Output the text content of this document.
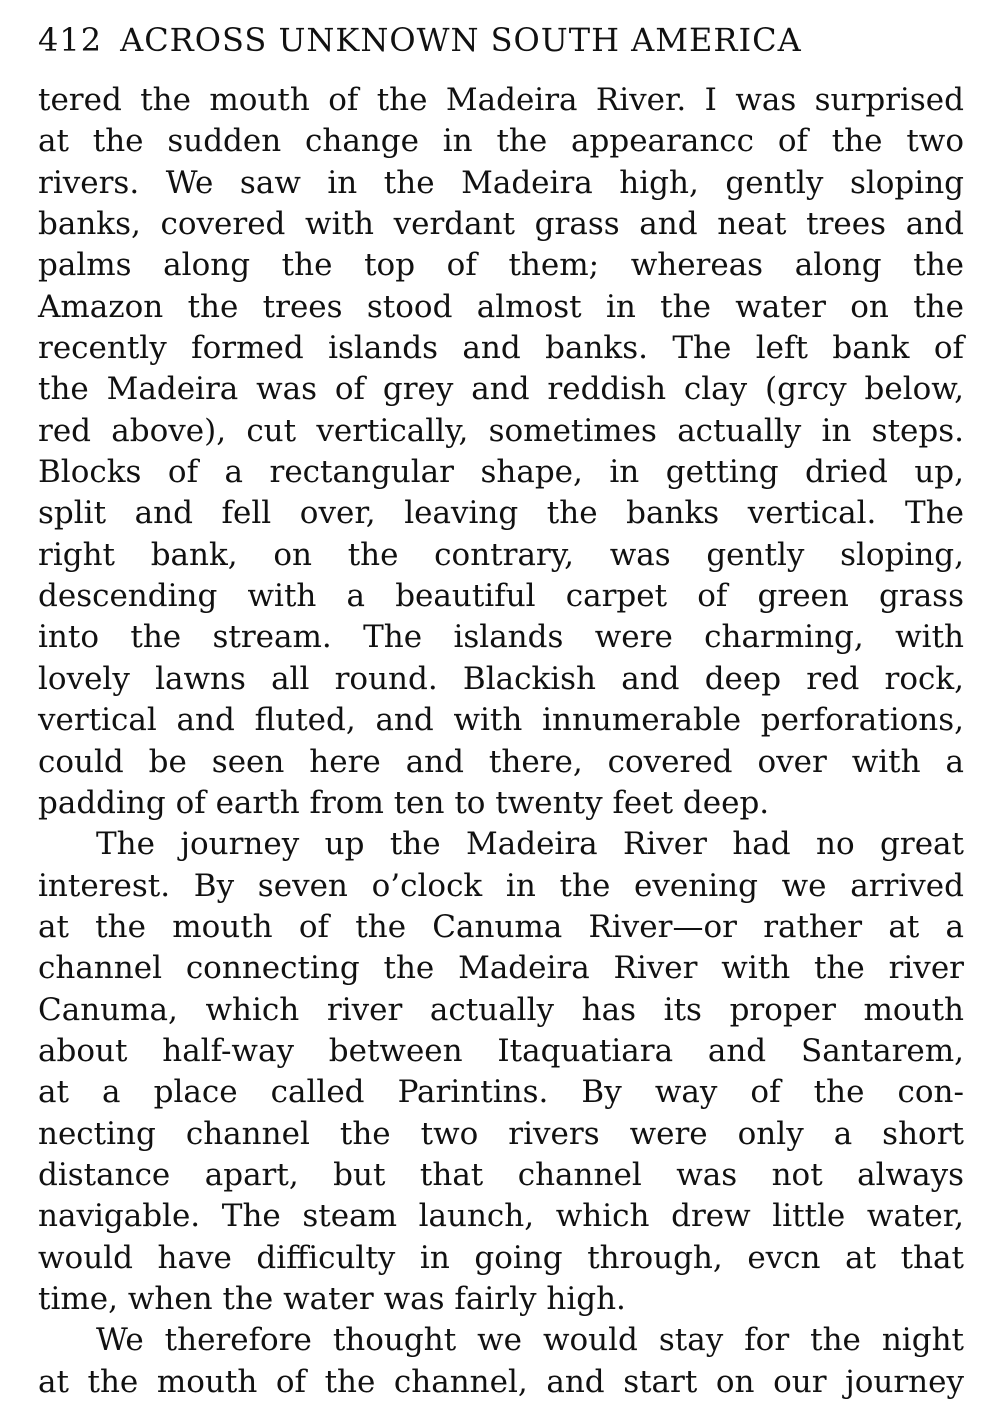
412 ACROSS UNKNOWN SOUTH AMERICA
tered the mouth of the Madeira River. I was surprised
at the sudden change in the appearancc of the two
rivers. We saw in the Madeira high, gently sloping
banks, covered with verdant grass and neat trees and
palms along the top of them; whereas along the
Amazon the trees stood almost in the water on the
recently formed islands and banks. The left bank of
the Madeira was of grey and reddish clay (grcy below,
red above), cut vertically, sometimes actually in steps.
Blocks of a rectangular shape, in getting dried up,
split and fell over, leaving the banks vertical. The
right bank, on the contrary, was gently sloping,
descending with a beautiful carpet of green grass
into the stream. The islands were charming, with
lovely lawns all round. Blackish and deep red rock,
vertical and fluted, and with innumerable perforations,
could be seen here and there, covered over with a
padding of earth from ten to twenty feet deep.
The journey up the Madeira River had no great
interest. By seven o’clock in the evening we arrived
at the mouth of the Canuma River—or rather at a
channel connecting the Madeira River with the river
Canuma, which river actually has its proper mouth
about half-way between Itaquatiara and Santarem,
at a place called Parintins. By way of the con-
necting channel the two rivers were only a short
distance apart, but that channel was not always
navigable. The steam launch, which drew little water,
would have difficulty in going through, evcn at that
time, when the water was fairly high.
We therefore thought we would stay for the night
at the mouth of the channel, and start on our journey
